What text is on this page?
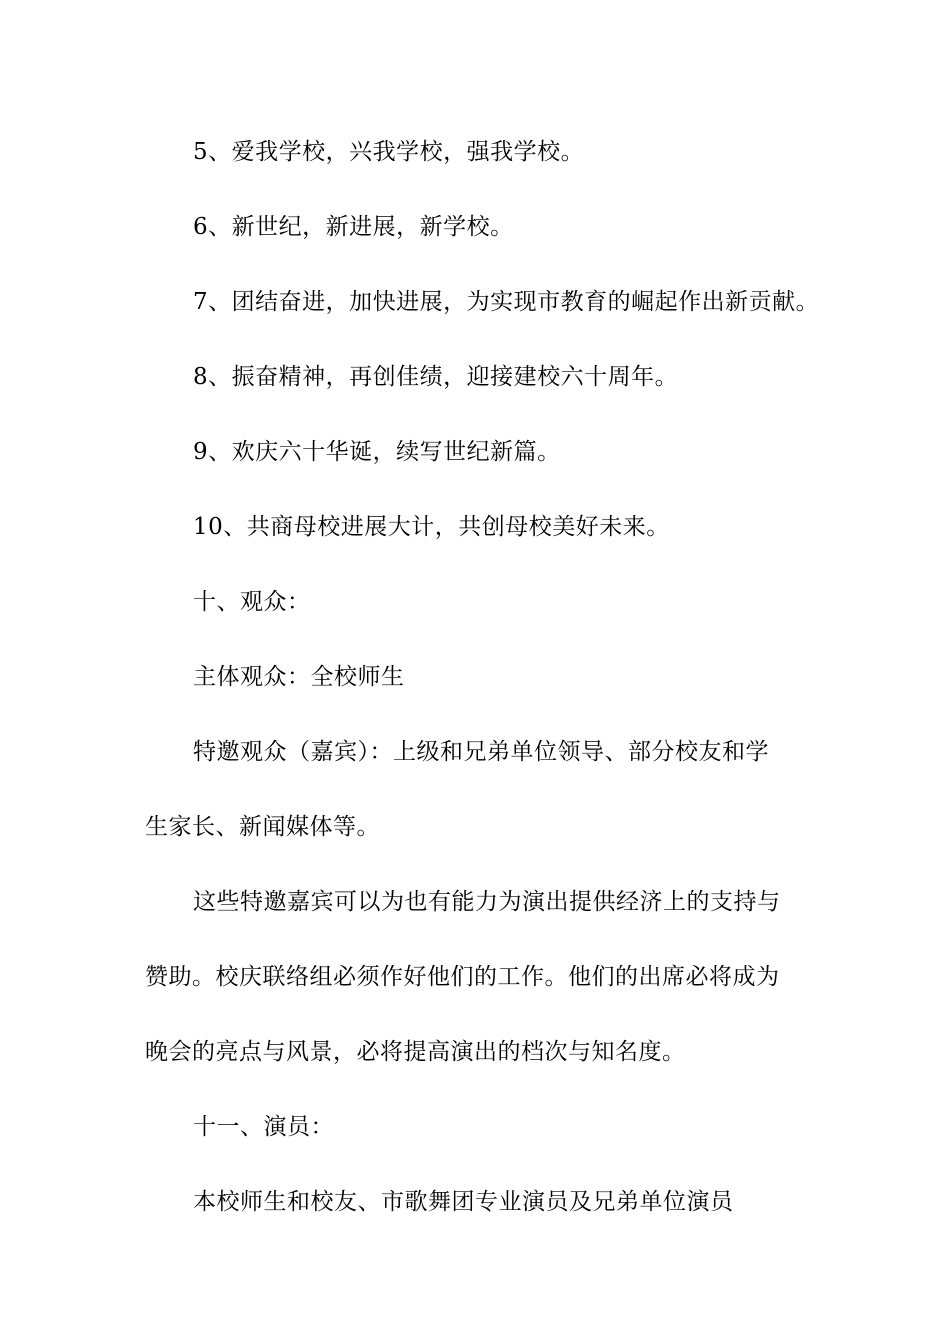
5、爱我学校，兴我学校，强我学校。
6、新世纪，新进展，新学校。
7、团结奋进，加快进展，为实现市教育的崛起作出新贡献。
8、振奋精神，再创佳绩，迎接建校六十周年。
9、欢庆六十华诞，续写世纪新篇。
10、共商母校进展大计，共创母校美好未来。
十、观众：
主体观众：全校师生
特邀观众（嘉宾）：上级和兄弟单位领导、部分校友和学
生家长、新闻媒体等。
这些特邀嘉宾可以为也有能力为演出提供经济上的支持与
赞助。校庆联络组必须作好他们的工作。他们的出席必将成为
晚会的亮点与风景，必将提高演出的档次与知名度。
十一、演员：
本校师生和校友、市歌舞团专业演员及兄弟单位演员
